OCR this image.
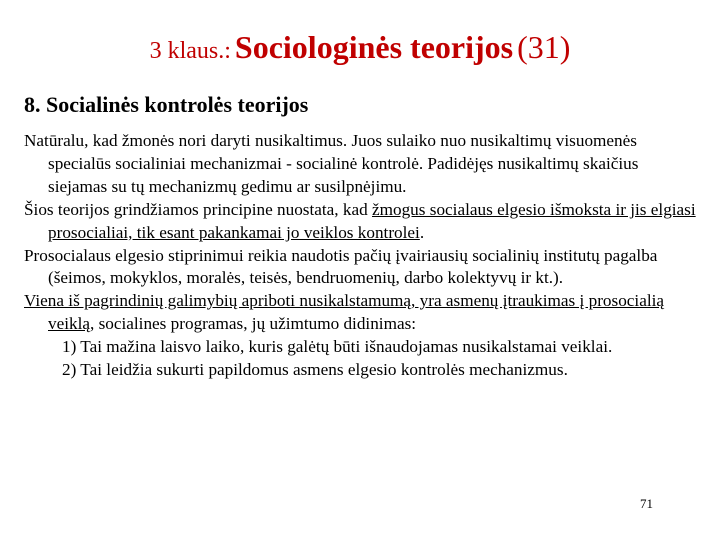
3 klaus.: Sociologinės teorijos (31)
8. Socialinės kontrolės teorijos

Natūralu, kad žmonės nori daryti nusikaltimus. Juos sulaiko nuo nusikaltimų visuomenės specialūs socialiniai mechanizmai - socialinė kontrolė. Padidėjęs nusikaltimų skaičius siejamas su tų mechanizmų gedimu ar susilpnėjimu.

Šios teorijos grindžiamos principine nuostata, kad žmogus socialaus elgesio išmoksta ir jis elgiasi prosocialiai, tik esant pakankamai jo veiklos kontrolei.

Prosocialaus elgesio stiprinimui reikia naudotis pačių įvairiausių socialinių institutų pagalba (šeimos, mokyklos, moralės, teisės, bendruomenių, darbo kolektyvų ir kt.).

Viena iš pagrindinių galimybių apriboti nusikalstamumą, yra asmenų įtraukimas į prosocialią veiklą, socialines programas, jų užimtumo didinimas:

1) Tai mažina laisvo laiko, kuris galėtų būti išnaudojamas nusikalstamai veiklai.

2) Tai leidžia sukurti papildomus asmens elgesio kontrolės mechanizmus.

71
